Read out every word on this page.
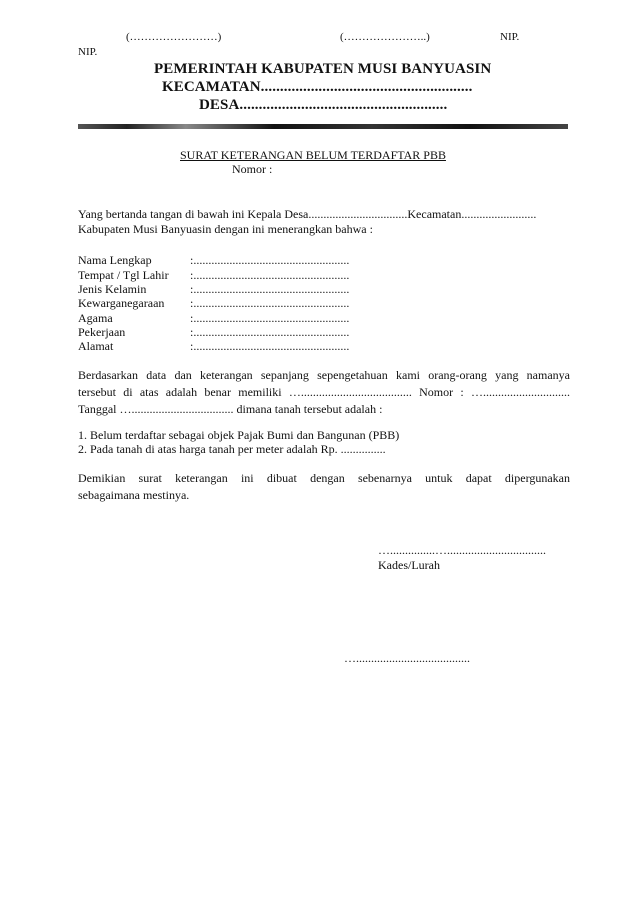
(……………………)	(…………………..)	NIP.
NIP.
PEMERINTAH KABUPATEN MUSI BANYUASIN
KECAMATAN.......................................................
DESA......................................................
SURAT KETERANGAN BELUM TERDAFTAR PBB
Nomor :
Yang bertanda tangan di bawah ini Kepala Desa.................................Kecamatan.........................
Kabupaten Musi Banyuasin dengan ini menerangkan bahwa :
Nama Lengkap	:....................................................
Tempat / Tgl Lahir :....................................................
Jenis Kelamin	:....................................................
Kewarganegaraan :....................................................
Agama	:....................................................
Pekerjaan	:....................................................
Alamat	:....................................................
Berdasarkan data dan keterangan sepanjang sepengetahuan kami orang-orang yang namanya
tersebut di atas adalah benar memiliki …..................................... Nomor : ….............................
Tanggal ….................................. dimana tanah tersebut adalah :
1. Belum terdaftar sebagai objek Pajak Bumi dan Bangunan (PBB)
2. Pada tanah di atas harga tanah per meter adalah Rp. ...............
Demikian surat keterangan ini dibuat dengan sebenarnya untuk dapat dipergunakan
sebagaimana mestinya.
…...............….................................
Kades/Lurah
…......................................
